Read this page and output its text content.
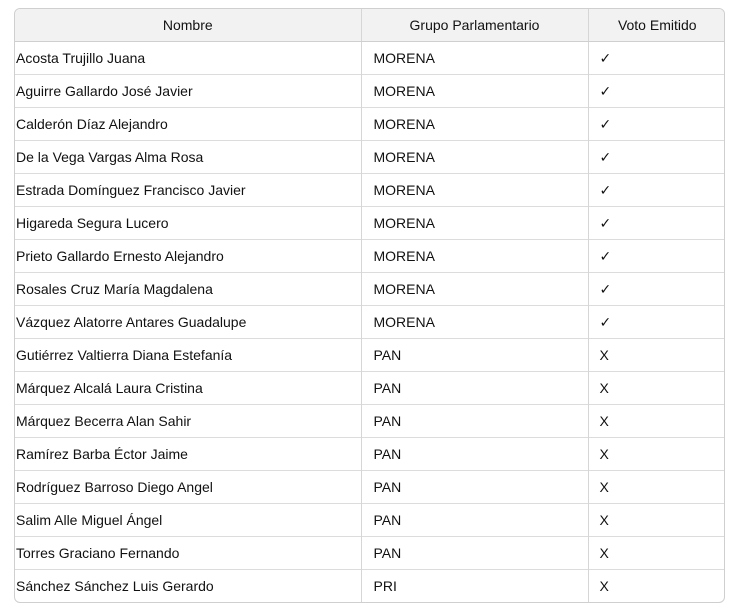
Nombre	Grupo Parlamentario	Voto Emitido
Acosta Trujillo Juana	MORENA	✓
Aguirre Gallardo José Javier	MORENA	✓
Calderón Díaz Alejandro	MORENA	✓
De la Vega Vargas Alma Rosa	MORENA	✓
Estrada Domínguez Francisco Javier	MORENA	✓
Higareda Segura Lucero	MORENA	✓
Prieto Gallardo Ernesto Alejandro	MORENA	✓
Rosales Cruz María Magdalena	MORENA	✓
Vázquez Alatorre Antares Guadalupe	MORENA	✓
Gutiérrez Valtierra Diana Estefanía	PAN	X
Márquez Alcalá Laura Cristina	PAN	X
Márquez Becerra Alan Sahir	PAN	X
Ramírez Barba Éctor Jaime	PAN	X
Rodríguez Barroso Diego Angel	PAN	X
Salim Alle Miguel Ángel	PAN	X
Torres Graciano Fernando	PAN	X
Sánchez Sánchez Luis Gerardo	PRI	X
